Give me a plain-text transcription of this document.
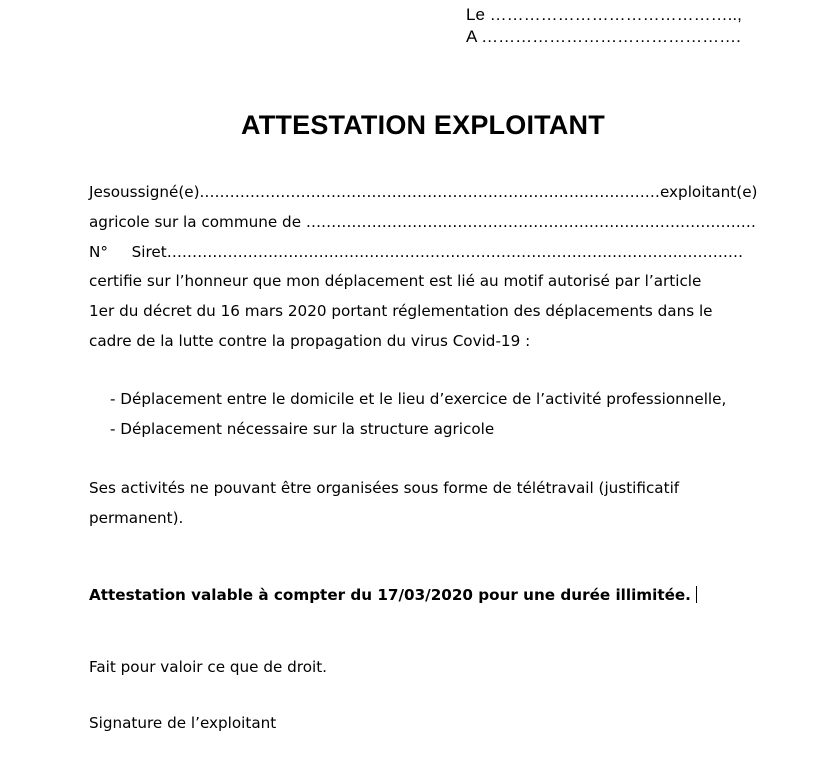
Le ……………………………………..,
A ……………………………………….
ATTESTATION EXPLOITANT
Je soussigné (e).……………………………………………………………………………… exploitant(e)
agricole sur la commune de ………………………..……………………………………………………
N° Siret…………………………………………………………………………….…………..…………
certifie sur l’honneur que mon déplacement est lié au motif autorisé par l’article
1er du décret du 16 mars 2020 portant réglementation des déplacements dans le
cadre de la lutte contre la propagation du virus Covid-19 :
- Déplacement entre le domicile et le lieu d’exercice de l’activité professionnelle,
- Déplacement nécessaire sur la structure agricole
Ses activités ne pouvant être organisées sous forme de télétravail (justificatif
permanent).
Attestation valable à compter du 17/03/2020 pour une durée illimitée.
Fait pour valoir ce que de droit.
Signature de l’exploitant
